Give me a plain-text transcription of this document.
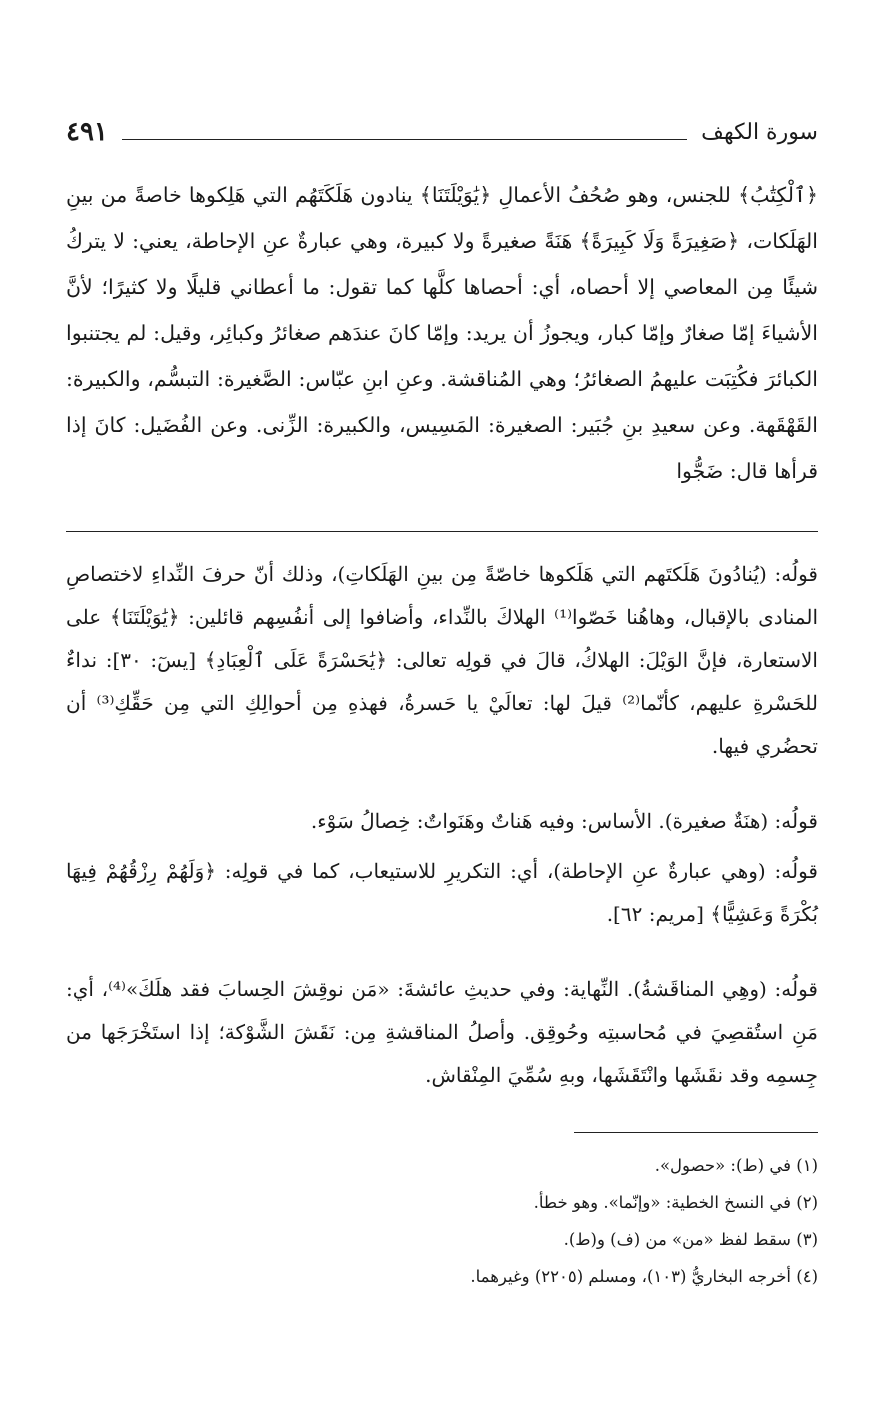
سورة الكهف
٤٩١

﴿ٱلْكِتَٰبُ﴾ للجنس، وهو صُحُفُ الأعمالِ ﴿يَٰوَيْلَتَنَا﴾ ينادون هَلَكَتَهُم التي هَلِكوها خاصةً من بينِ الهَلَكات، ﴿صَغِيرَةً وَلَا كَبِيرَةً﴾ هَنَةً صغيرةً ولا كبيرة، وهي عبارةٌ عنِ الإحاطة، يعني: لا يتركُ شيئًا مِن المعاصي إلا أحصاه، أي: أحصاها كلَّها كما تقول: ما أعطاني قليلًا ولا كثيرًا؛ لأنَّ الأشياءَ إمّا صغارٌ وإمّا كبار، ويجوزُ أن يريد: وإمّا كانَ عندَهم صغائرُ وكبائِر، وقيل: لم يجتنبوا الكبائرَ فكُتِبَت عليهمُ الصغائرُ؛ وهي المُناقشة. وعنِ ابنِ عبّاس: الصَّغيرة: التبسُّم، والكبيرة: القَهْقَهة. وعن سعيدِ بنِ جُبَير: الصغيرة: المَسِيس، والكبيرة: الزِّنى. وعن الفُضَيل: كانَ إذا قرأها قال: ضَجُّوا

قولُه: (يُنادُونَ هَلَكتَهم التي هَلَكوها خاصّةً مِن بينِ الهَلَكاتِ)، وذلك أنّ حرفَ النِّداءِ لاختصاصِ المنادى بالإقبال، وهاهُنا خَصّوا⁽¹⁾ الهلاكَ بالنِّداء، وأضافوا إلى أنفُسِهم قائلين: ﴿يَٰوَيْلَتَنَا﴾ على الاستعارة، فإنَّ الوَيْلَ: الهلاكُ، قالَ في قولِه تعالى: ﴿يَٰحَسْرَةً عَلَى ٱلْعِبَادِ﴾ [يسٓ: ٣٠]: نداءٌ للحَسْرةِ عليهم، كأنّما⁽²⁾ قيلَ لها: تعالَيْ يا حَسرةُ، فهذهِ مِن أحوالِكِ التي مِن حَقِّكِ⁽³⁾ أن تحضُري فيها.

قولُه: (هنَةٌ صغيرة). الأساس: وفيه هَناتٌ وهَنَواتٌ: خِصالُ سَوْء.

قولُه: (وهي عبارةٌ عنِ الإحاطة)، أي: التكريرِ للاستيعاب، كما في قولِه: ﴿وَلَهُمْ رِزْقُهُمْ فِيهَا بُكْرَةً وَعَشِيًّا﴾ [مريم: ٦٢].

قولُه: (وهِي المناقَشةُ). النِّهاية: وفي حديثِ عائشةَ: «مَن نوقِشَ الحِسابَ فقد هلَكَ»⁽⁴⁾، أي: مَنِ استُقصِيَ في مُحاسبتِه وحُوقِق. وأصلُ المناقشةِ مِن: نَقَشَ الشَّوْكة؛ إذا استَخْرَجَها من جِسمِه وقد نقَشَها وانْتَقَشَها، وبهِ سُمِّيَ المِنْقاش.

(١) في (ط): «حصول».

(٢) في النسخ الخطية: «وإنّما». وهو خطأ.

(٣) سقط لفظ «من» من (ف) و(ط).

(٤) أخرجه البخاريُّ (١٠٣)، ومسلم (٢٢٠٥) وغيرهما.
